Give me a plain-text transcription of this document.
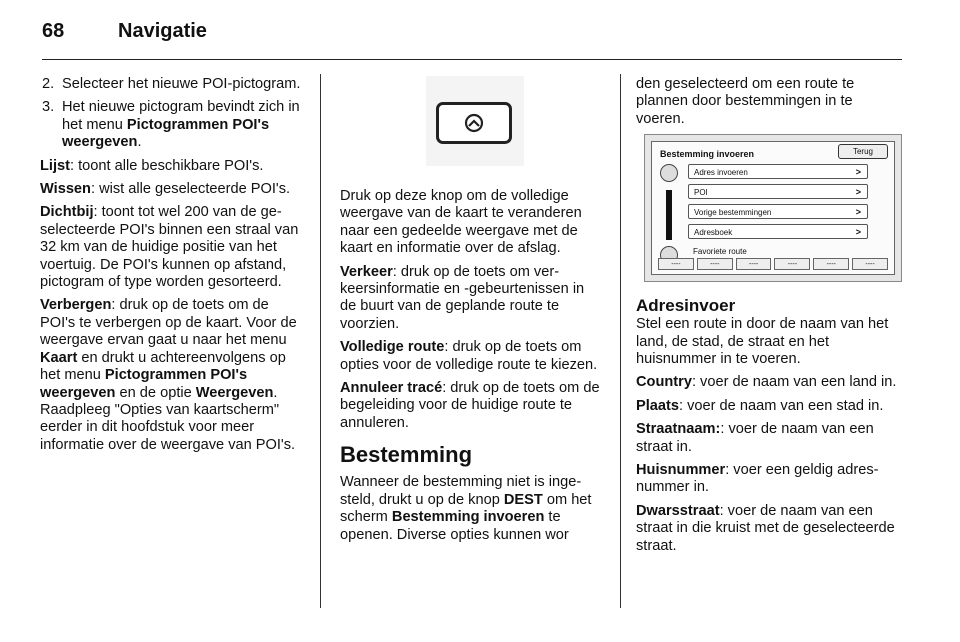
68	Navigatie
2. Selecteer het nieuwe POI-pictogram.
3. Het nieuwe pictogram bevindt zich in het menu Pictogrammen POI's weergeven.

Lijst: toont alle beschikbare POI's.

Wissen: wist alle geselecteerde POI's.

Dichtbij: toont tot wel 200 van de geselecteerde POI's binnen een straal van 32 km van de huidige positie van het voertuig. De POI's kunnen op afstand, pictogram of type worden gesorteerd.

Verbergen: druk op de toets om de POI's te verbergen op de kaart. Voor de weergave ervan gaat u naar het menu Kaart en drukt u achtereenvolgens op het menu Pictogrammen POI's weergeven en de optie Weergeven. Raadpleeg "Opties van kaartscherm" eerder in dit hoofdstuk voor meer informatie over de weergave van POI's.

Druk op deze knop om de volledige weergave van de kaart te veranderen naar een gedeelde weergave met de kaart en informatie over de afslag.

Verkeer: druk op de toets om verkeersinformatie en -gebeurtenissen in de buurt van de geplande route te voorzien.

Volledige route: druk op de toets om opties voor de volledige route te kiezen.

Annuleer tracé: druk op de toets om de begeleiding voor de huidige route te annuleren.

Bestemming

Wanneer de bestemming niet is ingesteld, drukt u op de knop DEST om het scherm Bestemming invoeren te openen. Diverse opties kunnen wor

den geselecteerd om een route te plannen door bestemmingen in te voeren.

Bestemming invoeren	Terug
Adres invoeren	>
POI	>
Vorige bestemmingen	>
Adresboek	>
Favoriete route
----	----	----	----	----	----
Adresinvoer

Stel een route in door de naam van het land, de stad, de straat en het huisnummer in te voeren.

Country: voer de naam van een land in.

Plaats: voer de naam van een stad in.

Straatnaam:: voer de naam van een straat in.

Huisnummer: voer een geldig adresnummer in.

Dwarsstraat: voer de naam van een straat in die kruist met de geselecteerde straat.
